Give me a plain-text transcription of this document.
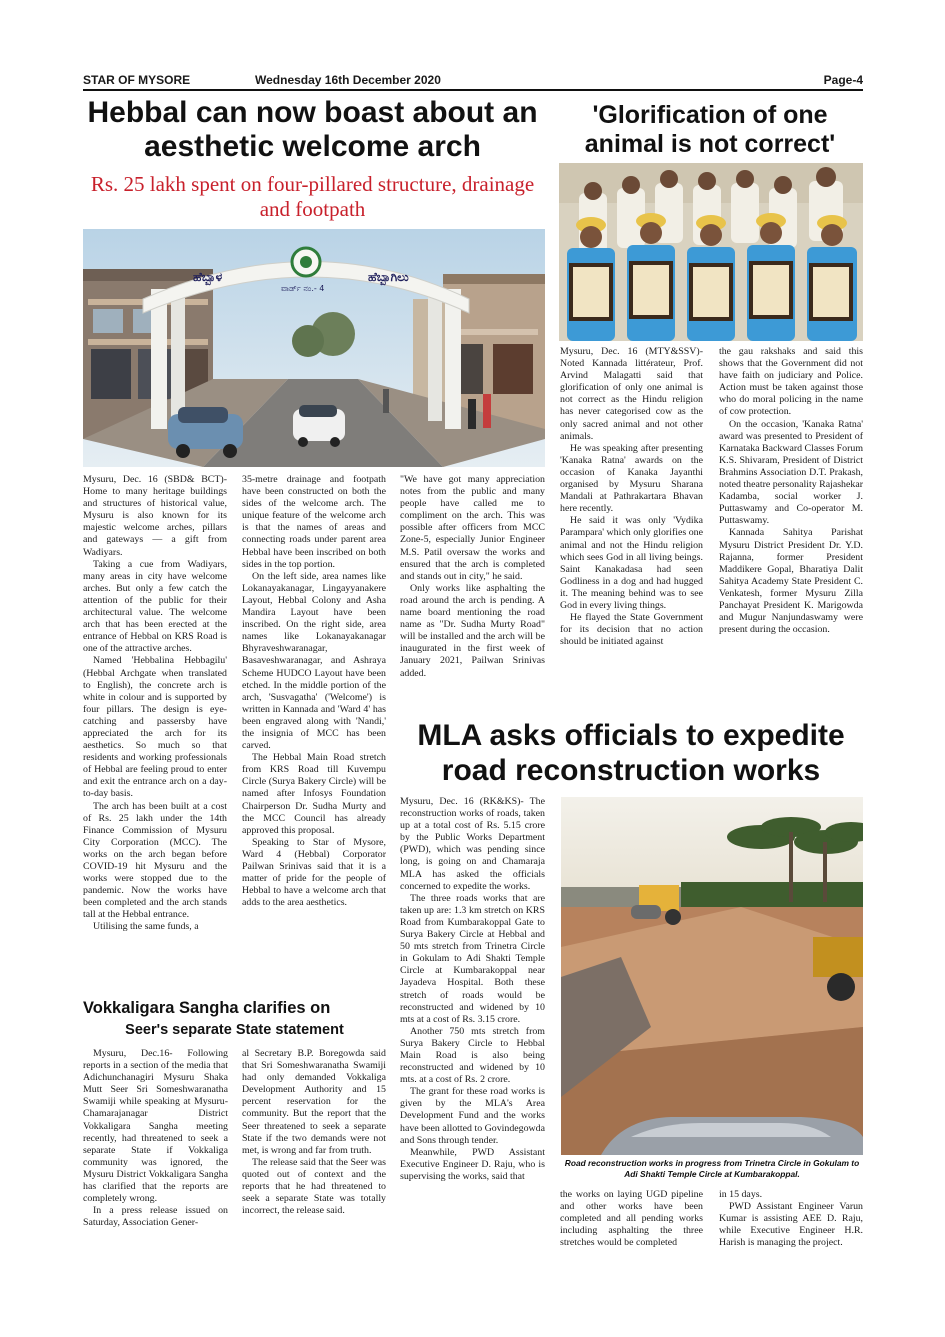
STAR OF MYSORE	Wednesday 16th December 2020	Page-4
Hebbal can now boast about an aesthetic welcome arch
Rs. 25 lakh spent on four-pillared structure, drainage and footpath
ಹೆಬ್ಬಾಳ	ಹೆಬ್ಬಾಗಿಲು
ವಾರ್ಡ್ ನಂ.- 4

Mysuru, Dec. 16 (SBD& BCT)- Home to many heritage buildings and structures of historical value, Mysuru is also known for its majestic welcome arches, pillars and gateways — a gift from Wadiyars.

Taking a cue from Wadiyars, many areas in city have welcome arches. But only a few catch the attention of the public for their architectural value. The welcome arch that has been erected at the entrance of Hebbal on KRS Road is one of the attractive arches.

Named 'Hebbalina Hebbagilu' (Hebbal Archgate when translated to English), the concrete arch is white in colour and is supported by four pillars. The design is eye-catching and passersby have appreciated the arch for its aesthetics. So much so that residents and working professionals of Hebbal are feeling proud to enter and exit the entrance arch on a day-to-day basis.

The arch has been built at a cost of Rs. 25 lakh under the 14th Finance Commission of Mysuru City Corporation (MCC). The works on the arch began before COVID-19 hit Mysuru and the works were stopped due to the pandemic. Now the works have been completed and the arch stands tall at the Hebbal entrance.

Utilising the same funds, a

35-metre drainage and footpath have been constructed on both the sides of the welcome arch. The unique feature of the welcome arch is that the names of areas and connecting roads under parent area Hebbal have been inscribed on both sides in the top portion.

On the left side, area names like Lokanayakanagar, Lingayyanakere Layout, Hebbal Colony and Asha Mandira Layout have been inscribed. On the right side, area names like Lokanayakanagar Bhyraveshwaranagar, Basaveshwaranagar, and Ashraya Scheme HUDCO Layout have been etched. In the middle portion of the arch, 'Susvagatha' ('Welcome') is written in Kannada and 'Ward 4' has been engraved along with 'Nandi,' the insignia of MCC has been carved.

The Hebbal Main Road stretch from KRS Road till Kuvempu Circle (Surya Bakery Circle) will be named after Infosys Foundation Chairperson Dr. Sudha Murty and the MCC Council has already approved this proposal.

Speaking to Star of Mysore, Ward 4 (Hebbal) Corporator Pailwan Srinivas said that it is a matter of pride for the people of Hebbal to have a welcome arch that adds to the area aesthetics.

"We have got many appreciation notes from the public and many people have called me to compliment on the arch. This was possible after officers from MCC Zone-5, especially Junior Engineer M.S. Patil oversaw the works and ensured that the arch is completed and stands out in city," he said.

Only works like asphalting the road around the arch is pending. A name board mentioning the road name as "Dr. Sudha Murty Road" will be installed and the arch will be inaugurated in the first week of January 2021, Pailwan Srinivas added.

'Glorification of one animal is not correct'

Mysuru, Dec. 16 (MTY&SSV)- Noted Kannada littérateur, Prof. Arvind Malagatti said that glorification of only one animal is not correct as the Hindu religion has never categorised cow as the only sacred animal and not other animals.

He was speaking after presenting 'Kanaka Ratna' awards on the occasion of Kanaka Jayanthi organised by Mysuru Sharana Mandali at Pathrakartara Bhavan here recently.

He said it was only 'Vydika Parampara' which only glorifies one animal and not the Hindu religion which sees God in all living beings. Saint Kanakadasa had seen Godliness in a dog and had hugged it. The meaning behind was to see God in every living things.

He flayed the State Government for its decision that no action should be initiated against

the gau rakshaks and said this shows that the Government did not have faith on judiciary and Police. Action must be taken against those who do moral policing in the name of cow protection.

On the occasion, 'Kanaka Ratna' award was presented to President of Karnataka Backward Classes Forum K.S. Shivaram, President of District Brahmins Association D.T. Prakash, noted theatre personality Rajashekar Kadamba, social worker J. Puttaswamy and Co-operator M. Puttaswamy.

Kannada Sahitya Parishat Mysuru District President Dr. Y.D. Rajanna, former President Maddikere Gopal, Bharatiya Dalit Sahitya Academy State President C. Venkatesh, former Mysuru Zilla Panchayat President K. Marigowda and Mugur Nanjundaswamy were present during the occasion.

MLA asks officials to expedite road reconstruction works

Mysuru, Dec. 16 (RK&KS)- The reconstruction works of roads, taken up at a total cost of Rs. 5.15 crore by the Public Works Department (PWD), which was pending since long, is going on and Chamaraja MLA has asked the officials concerned to expedite the works.

The three roads works that are taken up are: 1.3 km stretch on KRS Road from Kumbarakoppal Gate to Surya Bakery Circle at Hebbal and 50 mts stretch from Trinetra Circle in Gokulam to Adi Shakti Temple Circle at Kumbarakoppal near Jayadeva Hospital. Both these stretch of roads would be reconstructed and widened by 10 mts at a cost of Rs. 3.15 crore.

Another 750 mts stretch from Surya Bakery Circle to Hebbal Main Road is also being reconstructed and widened by 10 mts. at a cost of Rs. 2 crore.

The grant for these road works is given by the MLA's Area Development Fund and the works have been allotted to Govindegowda and Sons through tender.

Meanwhile, PWD Assistant Executive Engineer D. Raju, who is supervising the works, said that

Road reconstruction works in progress from Trinetra Circle in Gokulam to Adi Shakti Temple Circle at Kumbarakoppal.

the works on laying UGD pipeline and other works have been completed and all pending works including asphalting the three stretches would be completed

in 15 days.

PWD Assistant Engineer Varun Kumar is assisting AEE D. Raju, while Executive Engineer H.R. Harish is managing the project.

Vokkaligara Sangha clarifies on
Seer's separate State statement

Mysuru, Dec.16- Following reports in a section of the media that Adichunchanagiri Mysuru Shaka Mutt Seer Sri Someshwaranatha Swamiji while speaking at Mysuru-Chamarajanagar District Vokkaligara Sangha meeting recently, had threatened to seek a separate State if Vokkaliga community was ignored, the Mysuru District Vokkaligara Sangha has clarified that the reports are completely wrong.

In a press release issued on Saturday, Association Gener-

al Secretary B.P. Boregowda said that Sri Someshwaranatha Swamiji had only demanded Vokkaliga Development Authority and 15 percent reservation for the community. But the report that the Seer threatened to seek a separate State if the two demands were not met, is wrong and far from truth.

The release said that the Seer was quoted out of context and the reports that he had threatened to seek a separate State was totally incorrect, the release said.
